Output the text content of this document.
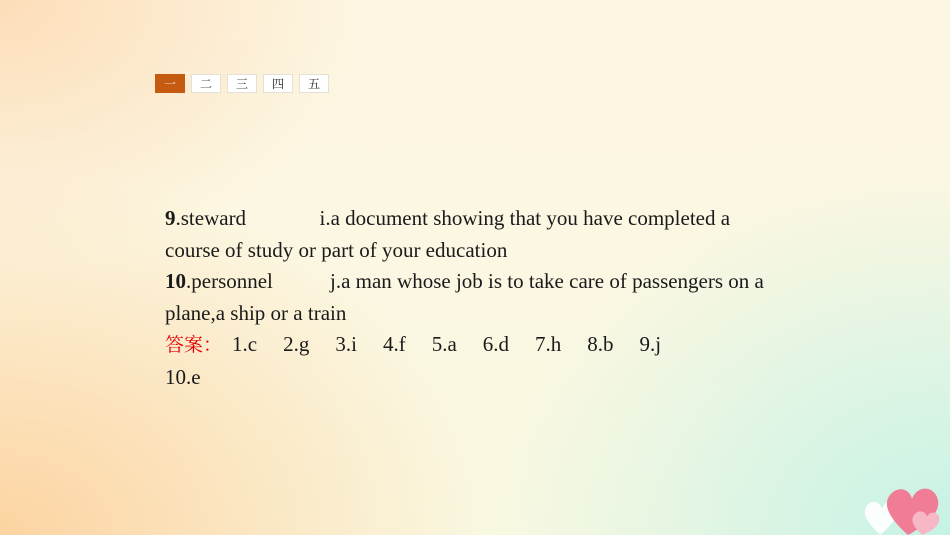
一	二	三	四	五
9.steward	i.a document showing that you have completed a
course of study or part of your education
10.personnel	j.a man whose job is to take care of passengers on a
plane,a ship or a train
答案： 1.c 2.g 3.i 4.f 5.a 6.d 7.h 8.b 9.j
10.e
